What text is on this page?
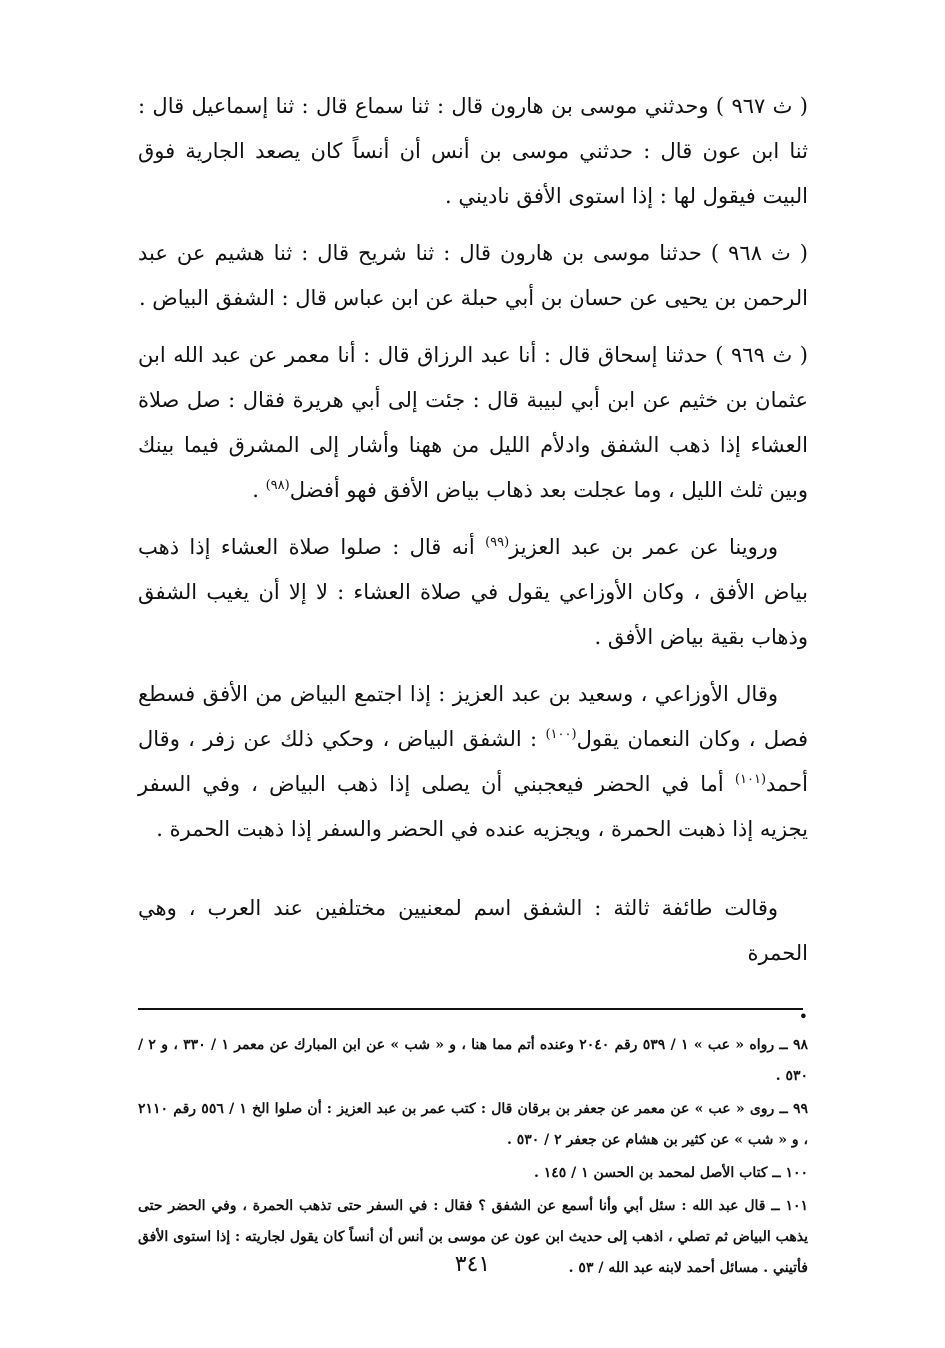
( ث ٩٦٧ ) وحدثني موسى بن هارون قال : ثنا سماع قال : ثنا إسماعيل قال : ثنا ابن عون قال : حدثني موسى بن أنس أن أنساً كان يصعد الجارية فوق البيت فيقول لها : إذا استوى الأفق ناديني .

( ث ٩٦٨ ) حدثنا موسى بن هارون قال : ثنا شريح قال : ثنا هشيم عن عبد الرحمن بن يحيى عن حسان بن أبي حبلة عن ابن عباس قال : الشفق البياض .

( ث ٩٦٩ ) حدثنا إسحاق قال : أنا عبد الرزاق قال : أنا معمر عن عبد الله ابن عثمان بن خثيم عن ابن أبي لبيبة قال : جئت إلى أبي هريرة فقال : صل صلاة العشاء إذا ذهب الشفق وادلأم الليل من ههنا وأشار إلى المشرق فيما بينك وبين ثلث الليل ، وما عجلت بعد ذهاب بياض الأفق فهو أفضل$^{(٩٨)}$ .

وروينا عن عمر بن عبد العزيز$^{(٩٩)}$ أنه قال : صلوا صلاة العشاء إذا ذهب بياض الأفق ، وكان الأوزاعي يقول في صلاة العشاء : لا إلا أن يغيب الشفق وذهاب بقية بياض الأفق .

وقال الأوزاعي ، وسعيد بن عبد العزيز : إذا اجتمع البياض من الأفق فسطع فصل ، وكان النعمان يقول$^{(١٠٠)}$ : الشفق البياض ، وحكي ذلك عن زفر ، وقال أحمد$^{(١٠١)}$ أما في الحضر فيعجبني أن يصلى إذا ذهب البياض ، وفي السفر يجزيه إذا ذهبت الحمرة ، ويجزيه عنده في الحضر والسفر إذا ذهبت الحمرة .

وقالت طائفة ثالثة : الشفق اسم لمعنيين مختلفين عند العرب ، وهي الحمرة

•

٩٨ ــ رواه « عب » ١ / ٥٣٩ رقم ٢٠٤٠ وعنده أتم مما هنا ، و « شب » عن ابن المبارك عن معمر ١ / ٣٣٠ ، و ٢ / ٥٣٠ .

٩٩ ــ روى « عب » عن معمر عن جعفر بن برقان قال : كتب عمر بن عبد العزيز : أن صلوا الخ ١ / ٥٥٦ رقم ٢١١٠ ، و « شب » عن كثير بن هشام عن جعفر ٢ / ٥٣٠ .

١٠٠ ــ كتاب الأصل لمحمد بن الحسن ١ / ١٤٥ .

١٠١ ــ قال عبد الله : سئل أبي وأنا أسمع عن الشفق ؟ فقال : في السفر حتى تذهب الحمرة ، وفي الحضر حتى يذهب البياض ثم تصلي ، اذهب إلى حديث ابن عون عن موسى بن أنس أن أنساً كان يقول لجاريته : إذا استوى الأفق فأتيني . مسائل أحمد لابنه عبد الله / ٥٣ .

٣٤١
